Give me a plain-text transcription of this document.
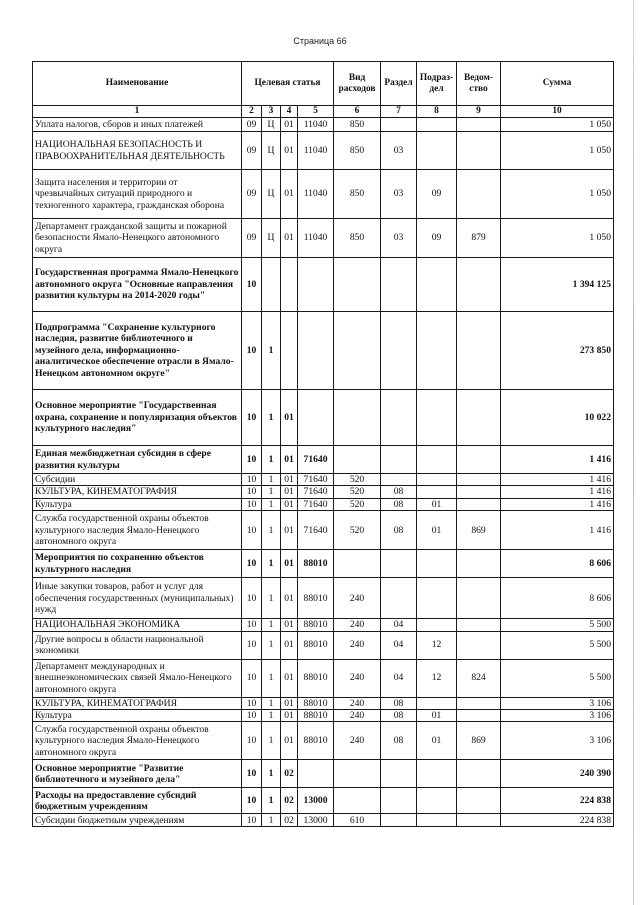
Страница 66
Наименование	Целевая статья				Вид расходов	Раздел	Подраз-дел	Ведом-ство	Сумма
1	2	3	4	5	6	7	8	9	10
Уплата налогов, сборов и иных платежей	09	Ц	01	11040	850				1 050
НАЦИОНАЛЬНАЯ БЕЗОПАСНОСТЬ И ПРАВООХРАНИТЕЛЬНАЯ ДЕЯТЕЛЬНОСТЬ	09	Ц	01	11040	850	03			1 050
Защита населения и территории от чрезвычайных ситуаций природного и техногенного характера, гражданская оборона	09	Ц	01	11040	850	03	09		1 050
Департамент гражданской защиты и пожарной безопасности Ямало-Ненецкого автономного округа	09	Ц	01	11040	850	03	09	879	1 050
Государственная программа Ямало-Ненецкого автономного округа "Основные направления развития культуры на 2014-2020 годы"	10								1 394 125
Подпрограмма "Сохранение культурного наследия, развитие библиотечного и музейного дела, информационно-аналитическое обеспечение отрасли в Ямало-Ненецком автономном округе"	10	1							273 850
Основное мероприятие "Государственная охрана, сохранение и популяризация объектов культурного наследия"	10	1	01						10 022
Единая межбюджетная субсидия в сфере развития культуры	10	1	01	71640					1 416
Субсидии	10	1	01	71640	520				1 416
КУЛЬТУРА, КИНЕМАТОГРАФИЯ	10	1	01	71640	520	08			1 416
Культура	10	1	01	71640	520	08	01		1 416
Служба государственной охраны объектов культурного наследия Ямало-Ненецкого автономного округа	10	1	01	71640	520	08	01	869	1 416
Мероприятия по сохранению объектов культурного наследия	10	1	01	88010					8 606
Иные закупки товаров, работ и услуг для обеспечения государственных (муниципальных) нужд	10	1	01	88010	240				8 606
НАЦИОНАЛЬНАЯ ЭКОНОМИКА	10	1	01	88010	240	04			5 500
Другие вопросы в области национальной экономики	10	1	01	88010	240	04	12		5 500
Департамент международных и внешнеэкономических связей Ямало-Ненецкого автономного округа	10	1	01	88010	240	04	12	824	5 500
КУЛЬТУРА, КИНЕМАТОГРАФИЯ	10	1	01	88010	240	08			3 106
Культура	10	1	01	88010	240	08	01		3 106
Служба государственной охраны объектов культурного наследия Ямало-Ненецкого автономного округа	10	1	01	88010	240	08	01	869	3 106
Основное мероприятие "Развитие библиотечного и музейного дела"	10	1	02						240 390
Расходы на предоставление субсидий бюджетным учреждениям	10	1	02	13000					224 838
Субсидии бюджетным учреждениям	10	1	02	13000	610				224 838
